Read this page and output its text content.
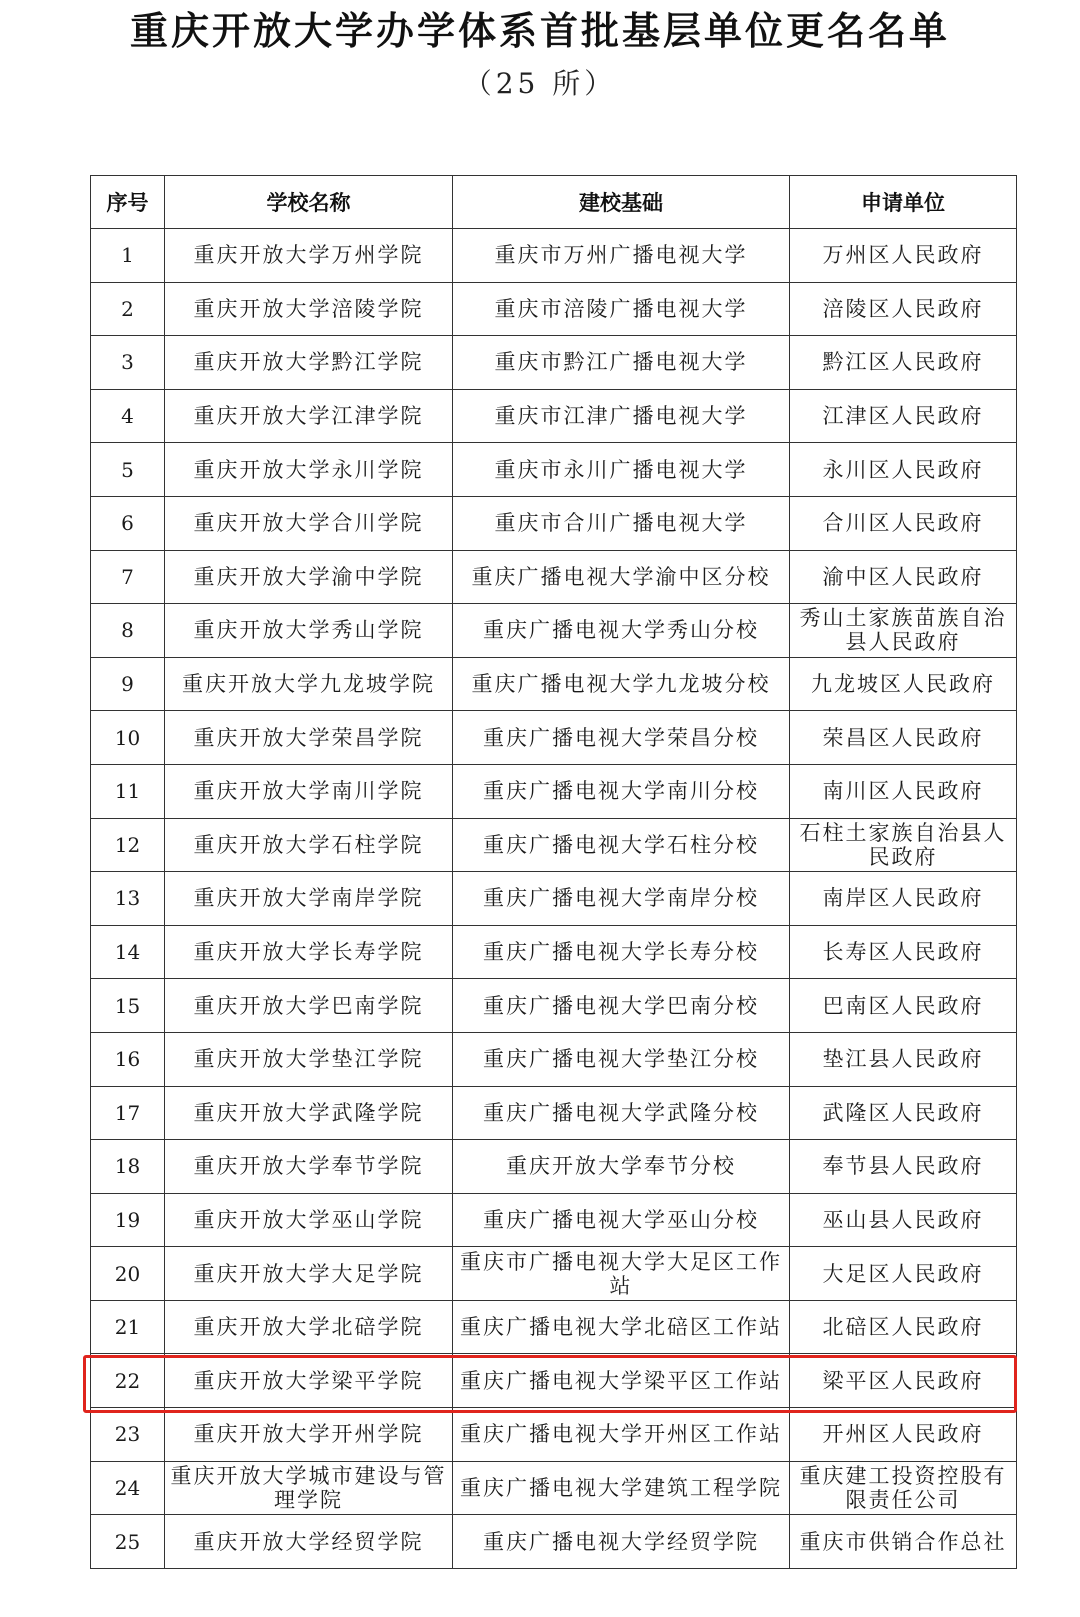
重庆开放大学办学体系首批基层单位更名名单
（25 所）
序号	学校名称	建校基础	申请单位
1	重庆开放大学万州学院	重庆市万州广播电视大学	万州区人民政府
2	重庆开放大学涪陵学院	重庆市涪陵广播电视大学	涪陵区人民政府
3	重庆开放大学黔江学院	重庆市黔江广播电视大学	黔江区人民政府
4	重庆开放大学江津学院	重庆市江津广播电视大学	江津区人民政府
5	重庆开放大学永川学院	重庆市永川广播电视大学	永川区人民政府
6	重庆开放大学合川学院	重庆市合川广播电视大学	合川区人民政府
7	重庆开放大学渝中学院	重庆广播电视大学渝中区分校	渝中区人民政府
8	重庆开放大学秀山学院	重庆广播电视大学秀山分校	秀山土家族苗族自治县人民政府
9	重庆开放大学九龙坡学院	重庆广播电视大学九龙坡分校	九龙坡区人民政府
10	重庆开放大学荣昌学院	重庆广播电视大学荣昌分校	荣昌区人民政府
11	重庆开放大学南川学院	重庆广播电视大学南川分校	南川区人民政府
12	重庆开放大学石柱学院	重庆广播电视大学石柱分校	石柱土家族自治县人民政府
13	重庆开放大学南岸学院	重庆广播电视大学南岸分校	南岸区人民政府
14	重庆开放大学长寿学院	重庆广播电视大学长寿分校	长寿区人民政府
15	重庆开放大学巴南学院	重庆广播电视大学巴南分校	巴南区人民政府
16	重庆开放大学垫江学院	重庆广播电视大学垫江分校	垫江县人民政府
17	重庆开放大学武隆学院	重庆广播电视大学武隆分校	武隆区人民政府
18	重庆开放大学奉节学院	重庆开放大学奉节分校	奉节县人民政府
19	重庆开放大学巫山学院	重庆广播电视大学巫山分校	巫山县人民政府
20	重庆开放大学大足学院	重庆市广播电视大学大足区工作站	大足区人民政府
21	重庆开放大学北碚学院	重庆广播电视大学北碚区工作站	北碚区人民政府
22	重庆开放大学梁平学院	重庆广播电视大学梁平区工作站	梁平区人民政府
23	重庆开放大学开州学院	重庆广播电视大学开州区工作站	开州区人民政府
24	重庆开放大学城市建设与管理学院	重庆广播电视大学建筑工程学院	重庆建工投资控股有限责任公司
25	重庆开放大学经贸学院	重庆广播电视大学经贸学院	重庆市供销合作总社
